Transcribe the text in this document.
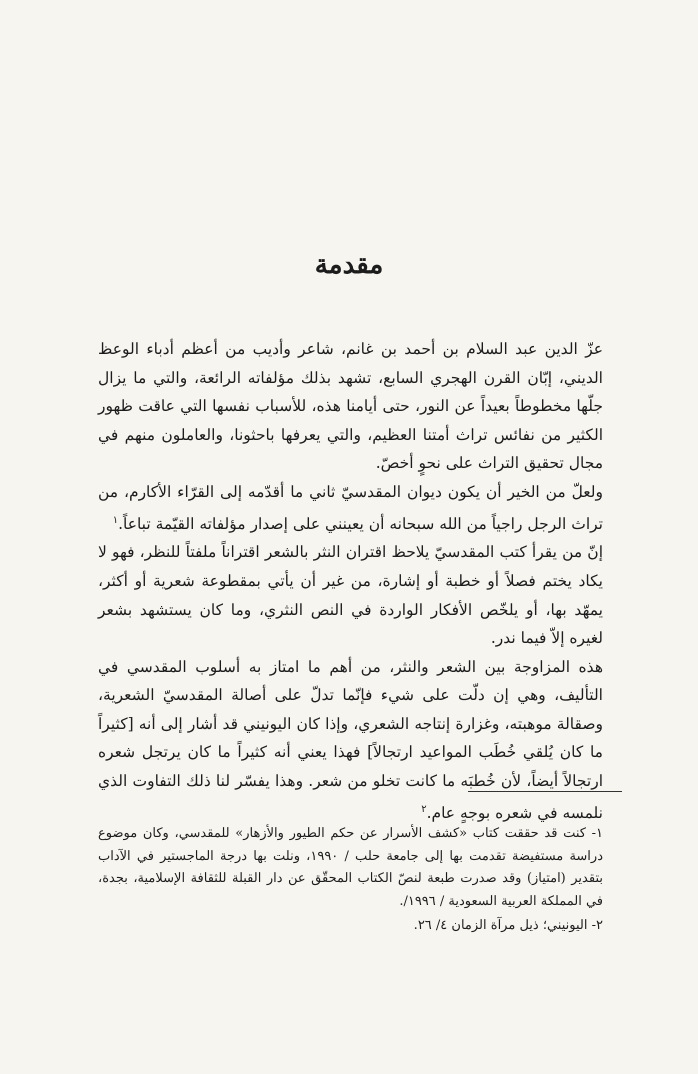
مقدمة

عزّ الدين عبد السلام بن أحمد بن غانم، شاعر وأديب من أعظم أدباء الوعظ الديني، إبّان القرن الهجري السابع، تشهد بذلك مؤلفاته الرائعة، والتي ما يزال جلّها مخطوطاً بعيداً عن النور، حتى أيامنا هذه، للأسباب نفسها التي عاقت ظهور الكثير من نفائس تراث أمتنا العظيم، والتي يعرفها باحثونا، والعاملون منهم في مجال تحقيق التراث على نحوٍ أخصّ.

ولعلّ من الخير أن يكون ديوان المقدسيّ ثاني ما أقدّمه إلى القرّاء الأكارم، من تراث الرجل راجياً من الله سبحانه أن يعينني على إصدار مؤلفاته القيّمة تباعاً.$^١$

إنّ من يقرأ كتب المقدسيّ يلاحظ اقتران النثر بالشعر اقتراناً ملفتاً للنظر، فهو لا يكاد يختم فصلاً أو خطبة أو إشارة، من غير أن يأتي بمقطوعة شعرية أو أكثر، يمهّد بها، أو يلخّص الأفكار الواردة في النص النثري، وما كان يستشهد بشعر لغيره إلاّ فيما ندر.

هذه المزاوجة بين الشعر والنثر، من أهم ما امتاز به أسلوب المقدسي في التأليف، وهي إن دلّت على شيء فإنّما تدلّ على أصالة المقدسيّ الشعرية، وصقالة موهبته، وغزارة إنتاجه الشعري، وإذا كان اليونيني قد أشار إلى أنه [كثيراً ما كان يُلقي خُطَب المواعيد ارتجالاً] فهذا يعني أنه كثيراً ما كان يرتجل شعره ارتجالاً أيضاً، لأن خُطبَه ما كانت تخلو من شعر. وهذا يفسّر لنا ذلك التفاوت الذي نلمسه في شعره بوجهٍ عام.$^٢$

١- كنت قد حققت كتاب «كشف الأسرار عن حكم الطيور والأزهار» للمقدسي، وكان موضوع دراسة مستفيضة تقدمت بها إلى جامعة حلب / ١٩٩٠، ونلت بها درجة الماجستير في الآداب بتقدير (امتياز) وقد صدرت طبعة لنصّ الكتاب المحقّق عن دار القبلة للثقافة الإسلامية، بجدة، في المملكة العربية السعودية / ١٩٩٦/.

٢- اليونيني؛ ذيل مرآة الزمان ٤/ ٢٦.
